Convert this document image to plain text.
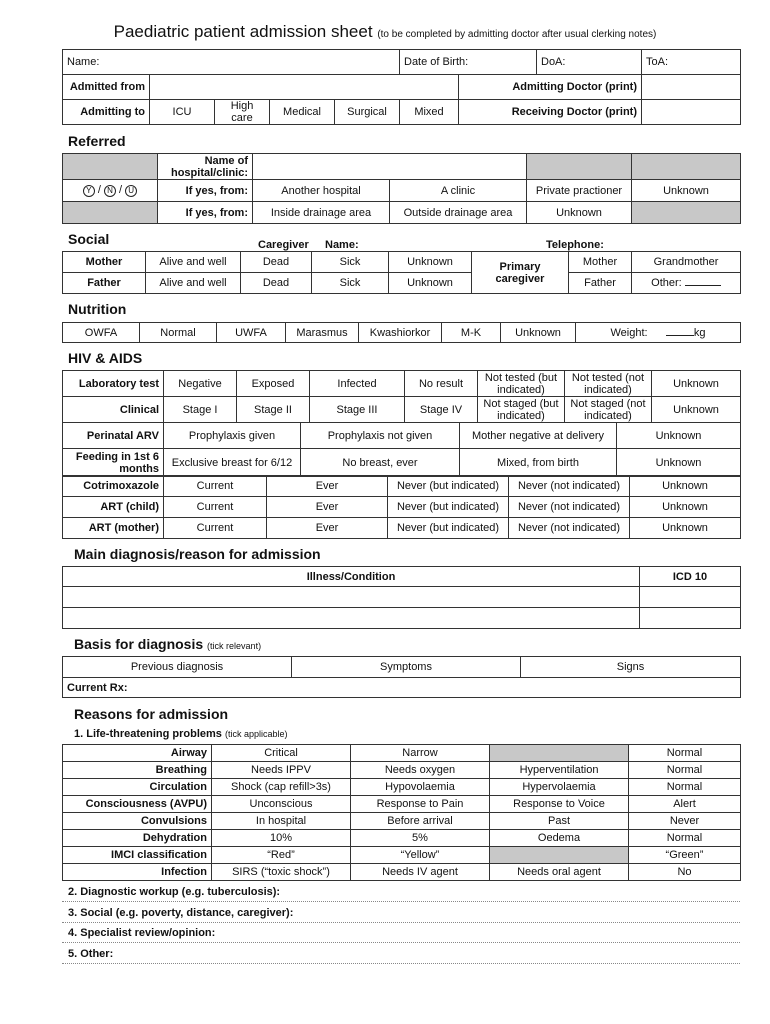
Paediatric patient admission sheet (to be completed by admitting doctor after usual clerking notes)
Name:					Date of Birth:		DoA:	ToA:
Admitted from						Admitting Doctor (print)		
Admitting to	ICU	High care	Medical	Surgical	Mixed	Receiving Doctor (print)		
Referred
	Name of hospital/clinic:				
Y / N / U	If yes, from:	Another hospital	A clinic	Private practioner	Unknown
	If yes, from:	Inside drainage area	Outside drainage area	Unknown	
Social	Caregiver Name:	Telephone:
Mother	Alive and well	Dead	Sick	Unknown	Primary caregiver	Mother	Grandmother
Father	Alive and well	Dead	Sick	Unknown		Father	Other:
Nutrition
OWFA	Normal	UWFA	Marasmus	Kwashiorkor	M-K	Unknown	Weight:	kg
HIV & AIDS
Laboratory test	Negative	Exposed	Infected	No result	Not tested (but indicated)	Not tested (not indicated)	Unknown
Clinical	Stage I	Stage II	Stage III	Stage IV	Not staged (but indicated)	Not staged (not indicated)	Unknown
Perinatal ARV	Prophylaxis given	Prophylaxis not given	Mother negative at delivery	Unknown
Feeding in 1st 6 months	Exclusive breast for 6/12	No breast, ever	Mixed, from birth	Unknown
Cotrimoxazole	Current	Ever	Never (but indicated)	Never (not indicated)	Unknown
ART (child)	Current	Ever	Never (but indicated)	Never (not indicated)	Unknown
ART (mother)	Current	Ever	Never (but indicated)	Never (not indicated)	Unknown
Main diagnosis/reason for admission
Illness/Condition	ICD 10

Basis for diagnosis (tick relevant)
Previous diagnosis	Symptoms	Signs
Current Rx:
Reasons for admission
1. Life-threatening problems (tick applicable)
Airway	Critical	Narrow		Normal
Breathing	Needs IPPV	Needs oxygen	Hyperventilation	Normal
Circulation	Shock (cap refill>3s)	Hypovolaemia	Hypervolaemia	Normal
Consciousness (AVPU)	Unconscious	Response to Pain	Response to Voice	Alert
Convulsions	In hospital	Before arrival	Past	Never
Dehydration	10%	5%	Oedema	Normal
IMCI classification	“Red”	“Yellow”		“Green”
Infection	SIRS (“toxic shock”)	Needs IV agent	Needs oral agent	No
2. Diagnostic workup (e.g. tuberculosis):
3. Social (e.g. poverty, distance, caregiver):
4. Specialist review/opinion:
5. Other:
